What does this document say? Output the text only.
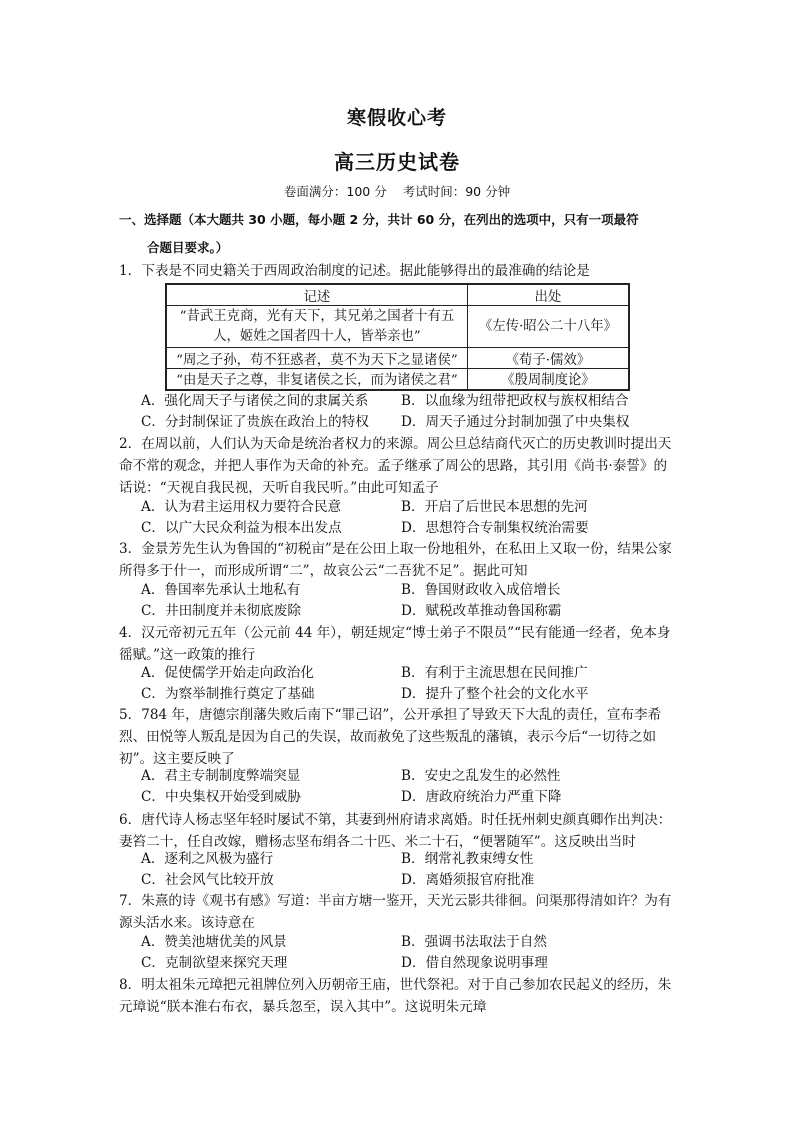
寒假收心考
高三历史试卷
卷面满分：100 分 考试时间：90 分钟
一、选择题（本大题共 30 小题，每小题 2 分，共计 60 分，在列出的选项中，只有一项最符
合题目要求。）
1．下表是不同史籍关于西周政治制度的记述。据此能够得出的最准确的结论是
记述	出处
“昔武王克商，光有天下，其兄弟之国者十有五人，姬姓之国者四十人，皆举亲也”	《左传·昭公二十八年》
“周之子孙，苟不狂惑者，莫不为天下之显诸侯”	《荀子·儒效》
“由是天子之尊，非复诸侯之长，而为诸侯之君”	《殷周制度论》
A．强化周天子与诸侯之间的隶属关系	B．以血缘为纽带把政权与族权相结合
C．分封制保证了贵族在政治上的特权	D．周天子通过分封制加强了中央集权
2．在周以前，人们认为天命是统治者权力的来源。周公旦总结商代灭亡的历史教训时提出天命不常的观念，并把人事作为天命的补充。孟子继承了周公的思路，其引用《尚书·泰誓》的话说：“天视自我民视，天听自我民听。”由此可知孟子
A．认为君主运用权力要符合民意	B．开启了后世民本思想的先河
C．以广大民众利益为根本出发点	D．思想符合专制集权统治需要
3．金景芳先生认为鲁国的“初税亩”是在公田上取一份地租外，在私田上又取一份，结果公家所得多于什一，而形成所谓“二”，故哀公云“二吾犹不足”。据此可知
A．鲁国率先承认土地私有	B．鲁国财政收入成倍增长
C．井田制度并未彻底废除	D．赋税改革推动鲁国称霸
4．汉元帝初元五年（公元前 44 年），朝廷规定“博士弟子不限员”“民有能通一经者，免本身徭赋。”这一政策的推行
A．促使儒学开始走向政治化	B．有利于主流思想在民间推广
C．为察举制推行奠定了基础	D．提升了整个社会的文化水平
5．784 年，唐德宗削藩失败后南下“罪己诏”，公开承担了导致天下大乱的责任，宣布李希烈、田悦等人叛乱是因为自己的失误，故而赦免了这些叛乱的藩镇，表示今后“一切待之如初”。这主要反映了
A．君主专制制度弊端突显	B．安史之乱发生的必然性
C．中央集权开始受到威胁	D．唐政府统治力严重下降
6．唐代诗人杨志坚年轻时屡试不第，其妻到州府请求离婚。时任抚州刺史颜真卿作出判决：妻笞二十，任自改嫁，赠杨志坚布绢各二十匹、米二十石，“便署随军”。这反映出当时
A．逐利之风极为盛行	B．纲常礼教束缚女性
C．社会风气比较开放	D．离婚须报官府批准
7．朱熹的诗《观书有感》写道：半亩方塘一鉴开，天光云影共徘徊。问渠那得清如许？为有源头活水来。该诗意在
A．赞美池塘优美的风景	B．强调书法取法于自然
C．克制欲望来探究天理	D．借自然现象说明事理
8．明太祖朱元璋把元祖牌位列入历朝帝王庙，世代祭祀。对于自己参加农民起义的经历，朱元璋说“朕本淮右布衣，暴兵忽至，误入其中”。这说明朱元璋
